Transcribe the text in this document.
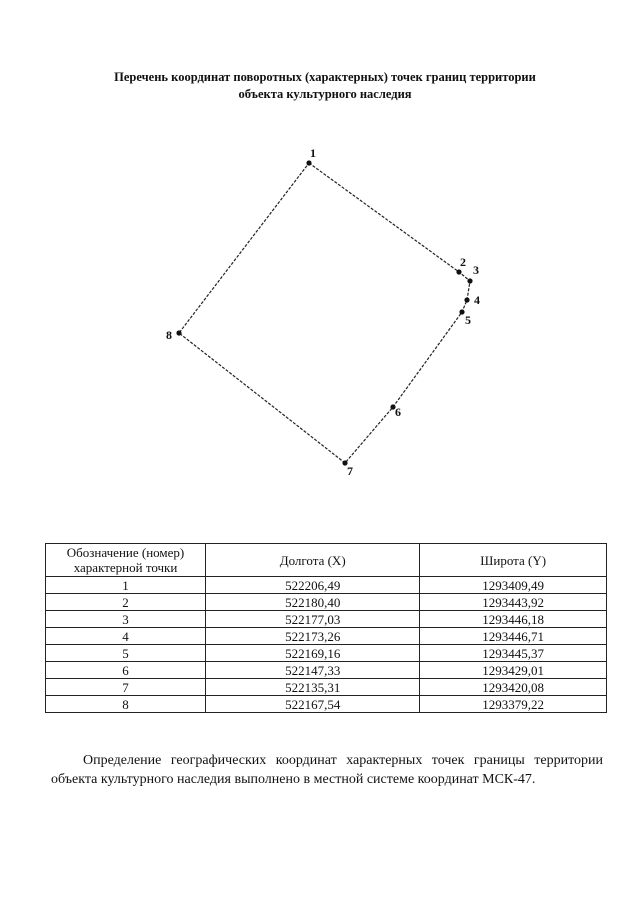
Перечень координат поворотных (характерных) точек границ территории
объекта культурного наследия
1
2
3
4
5
6
7
8
Обозначение (номер) характерной точки	Долгота (X)	Широта (Y)
1	522206,49	1293409,49
2	522180,40	1293443,92
3	522177,03	1293446,18
4	522173,26	1293446,71
5	522169,16	1293445,37
6	522147,33	1293429,01
7	522135,31	1293420,08
8	522167,54	1293379,22

Определение географических координат характерных точек границы территории объекта культурного наследия выполнено в местной системе координат МСК-47.
